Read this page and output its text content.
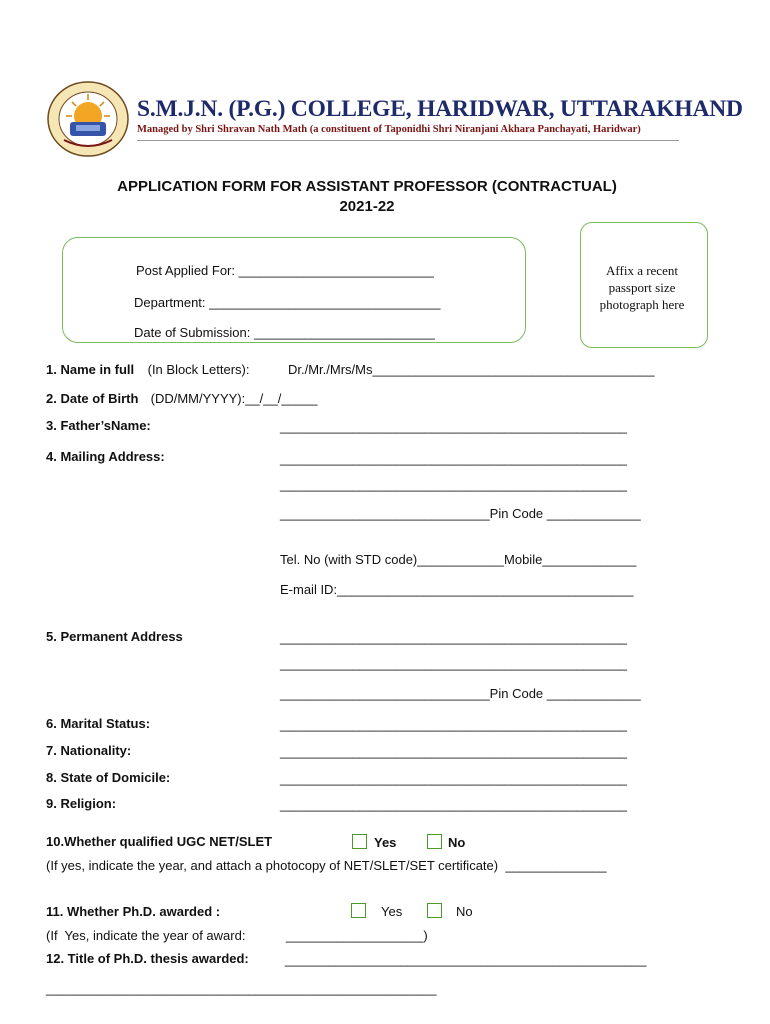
S.M.J.N. (P.G.) COLLEGE, HARIDWAR, UTTARAKHAND
Managed by Shri Shravan Nath Math (a constituent of Taponidhi Shri Niranjani Akhara Panchayati, Haridwar)
APPLICATION FORM FOR ASSISTANT PROFESSOR (CONTRACTUAL)
2021-22
Post Applied For: ___________________________
Department: ________________________________
Date of Submission: _________________________
Affix a recent passport size photograph here
1. Name in full (In Block Letters):	Dr./Mr./Mrs/Ms_______________________________________
2. Date of Birth (DD/MM/YYYY):__/__/_____
3. Father’sName:	________________________________________________
4. Mailing Address:	________________________________________________
________________________________________________
_____________________________Pin Code _____________
Tel. No (with STD code)____________Mobile_____________
E-mail ID:_________________________________________
5. Permanent Address	________________________________________________
________________________________________________
_____________________________Pin Code _____________
6. Marital Status:	________________________________________________
7. Nationality:	________________________________________________
8. State of Domicile:	________________________________________________
9. Religion:	________________________________________________
10.Whether qualified UGC NET/SLET	Yes	No
(If yes, indicate the year, and attach a photocopy of NET/SLET/SET certificate)  ______________
11. Whether Ph.D. awarded :	Yes	No
(If  Yes, indicate the year of award:	___________________)
12. Title of Ph.D. thesis awarded:	__________________________________________________
______________________________________________________
